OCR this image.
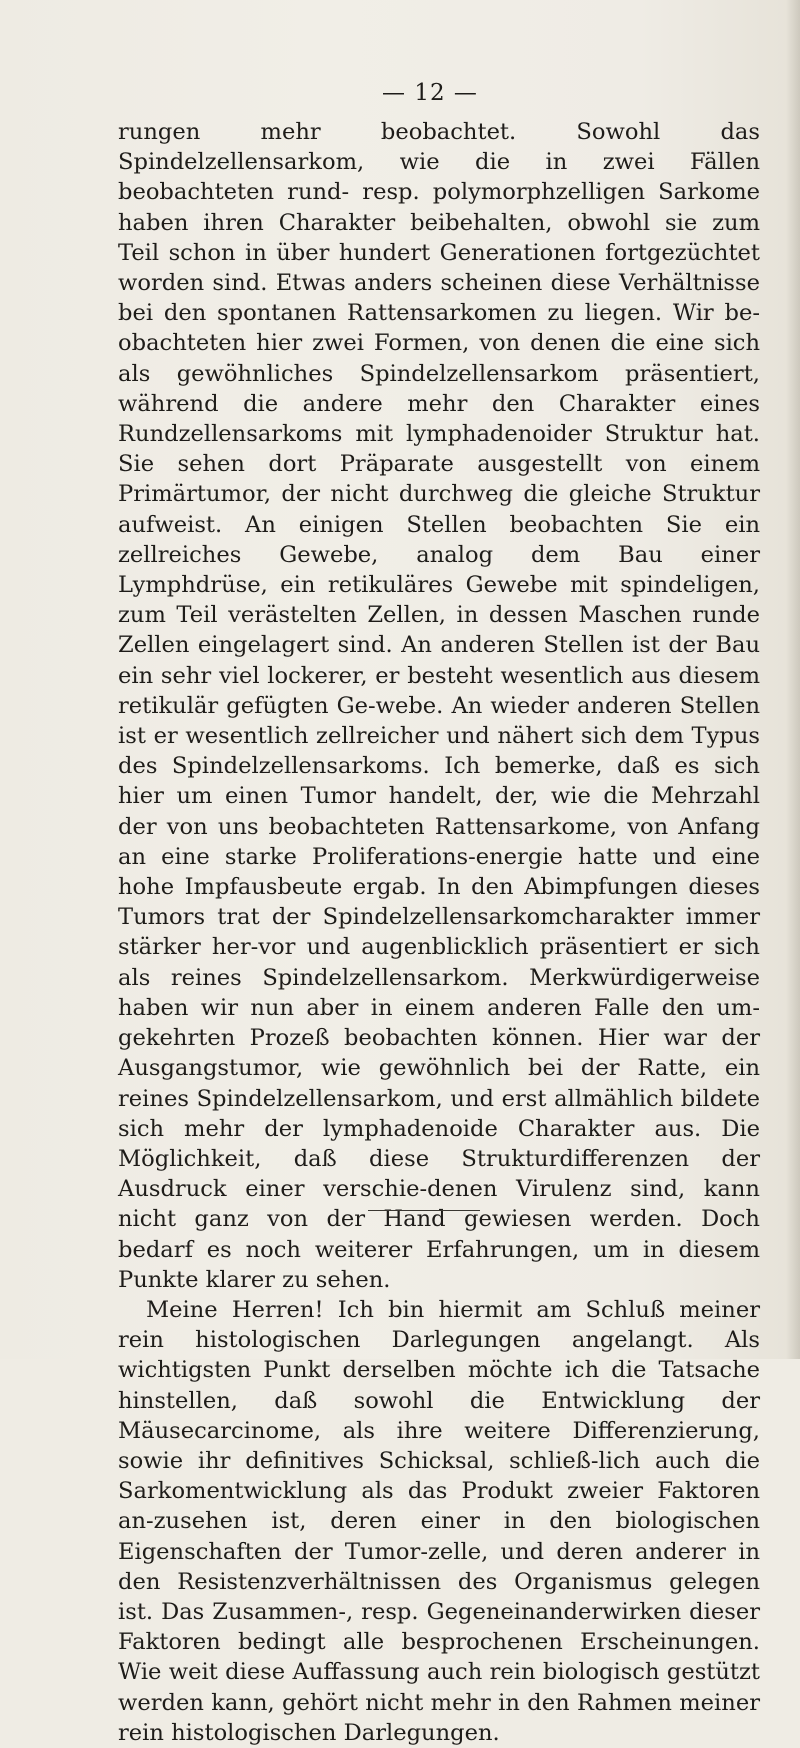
— 12 —

rungen mehr beobachtet. Sowohl das Spindelzellensarkom, wie die in zwei Fällen beobachteten rund- resp. polymorphzelligen Sarkome haben ihren Charakter beibehalten, obwohl sie zum Teil schon in über hundert Generationen fortgezüchtet worden sind. Etwas anders scheinen diese Verhältnisse bei den spontanen Rattensarkomen zu liegen. Wir be-obachteten hier zwei Formen, von denen die eine sich als gewöhnliches Spindelzellensarkom präsentiert, während die andere mehr den Charakter eines Rundzellensarkoms mit lymphadenoider Struktur hat. Sie sehen dort Präparate ausgestellt von einem Primärtumor, der nicht durchweg die gleiche Struktur aufweist. An einigen Stellen beobachten Sie ein zellreiches Gewebe, analog dem Bau einer Lymphdrüse, ein retikuläres Gewebe mit spindeligen, zum Teil verästelten Zellen, in dessen Maschen runde Zellen eingelagert sind. An anderen Stellen ist der Bau ein sehr viel lockerer, er besteht wesentlich aus diesem retikulär gefügten Ge-webe. An wieder anderen Stellen ist er wesentlich zellreicher und nähert sich dem Typus des Spindelzellensarkoms. Ich bemerke, daß es sich hier um einen Tumor handelt, der, wie die Mehrzahl der von uns beobachteten Rattensarkome, von Anfang an eine starke Proliferations-energie hatte und eine hohe Impfausbeute ergab. In den Abimpfungen dieses Tumors trat der Spindelzellensarkomcharakter immer stärker her-vor und augenblicklich präsentiert er sich als reines Spindelzellensarkom. Merkwürdigerweise haben wir nun aber in einem anderen Falle den um-gekehrten Prozeß beobachten können. Hier war der Ausgangstumor, wie gewöhnlich bei der Ratte, ein reines Spindelzellensarkom, und erst allmählich bildete sich mehr der lymphadenoide Charakter aus. Die Möglichkeit, daß diese Strukturdifferenzen der Ausdruck einer verschie-denen Virulenz sind, kann nicht ganz von der Hand gewiesen werden. Doch bedarf es noch weiterer Erfahrungen, um in diesem Punkte klarer zu sehen.

Meine Herren! Ich bin hiermit am Schluß meiner rein histologischen Darlegungen angelangt. Als wichtigsten Punkt derselben möchte ich die Tatsache hinstellen, daß sowohl die Entwicklung der Mäusecarcinome, als ihre weitere Differenzierung, sowie ihr definitives Schicksal, schließ-lich auch die Sarkomentwicklung als das Produkt zweier Faktoren an-zusehen ist, deren einer in den biologischen Eigenschaften der Tumor-zelle, und deren anderer in den Resistenzverhältnissen des Organismus gelegen ist. Das Zusammen-, resp. Gegeneinanderwirken dieser Faktoren bedingt alle besprochenen Erscheinungen. Wie weit diese Auffassung auch rein biologisch gestützt werden kann, gehört nicht mehr in den Rahmen meiner rein histologischen Darlegungen.
